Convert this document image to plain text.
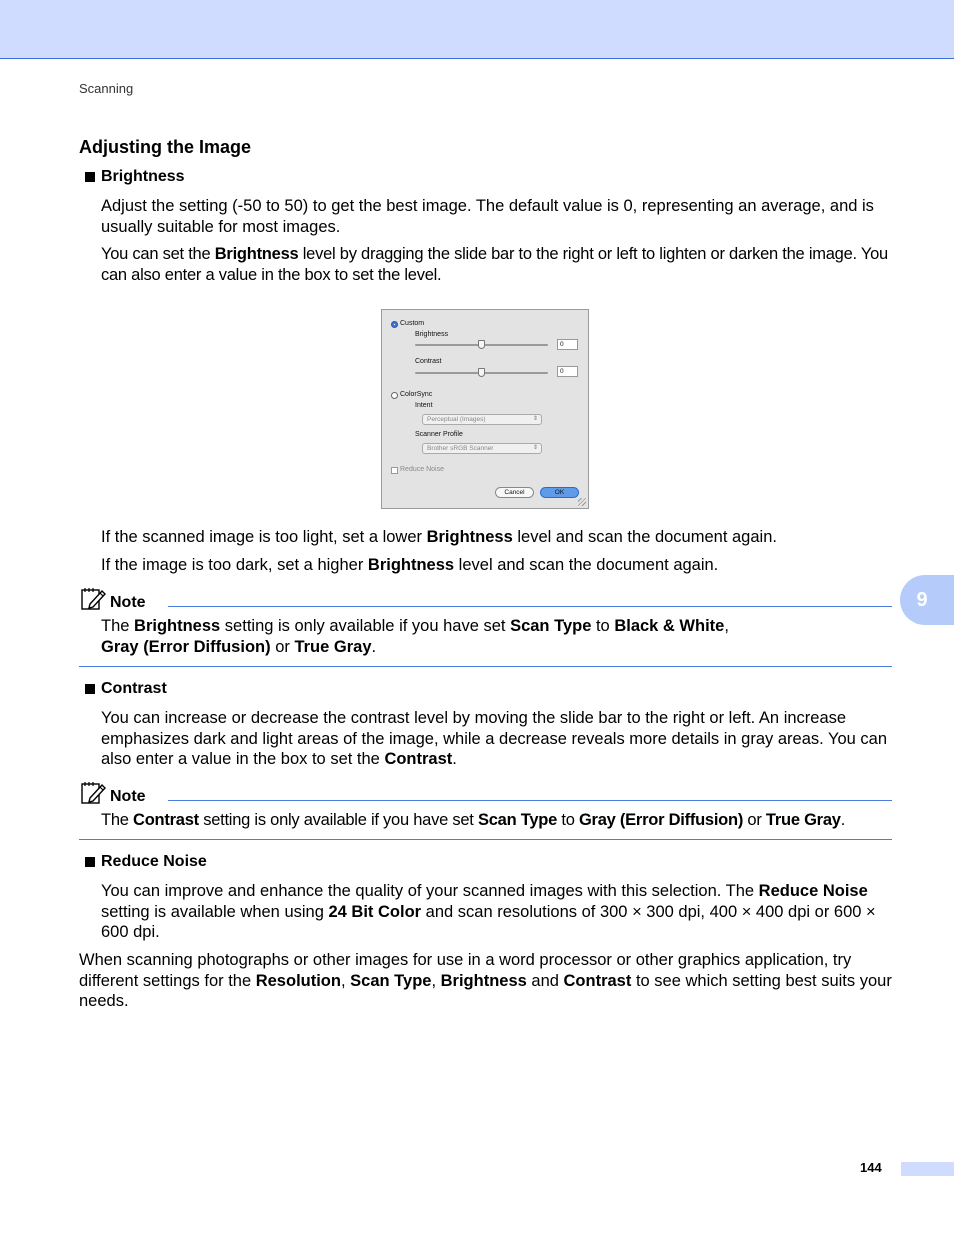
Scanning
Adjusting the Image
Brightness

Adjust the setting (-50 to 50) to get the best image. The default value is 0, representing an average, and is usually suitable for most images.

You can set the Brightness level by dragging the slide bar to the right or left to lighten or darken the image. You can also enter a value in the box to set the level.

Custom
Brightness
0
Contrast
0
ColorSync
Intent
Perceptual (Images)	⇕
Scanner Profile
Brother sRGB Scanner	⇕
Reduce Noise
Cancel	OK

If the scanned image is too light, set a lower Brightness level and scan the document again.

If the image is too dark, set a higher Brightness level and scan the document again.

Note

The Brightness setting is only available if you have set Scan Type to Black & White,
Gray (Error Diffusion) or True Gray.

Contrast

You can increase or decrease the contrast level by moving the slide bar to the right or left. An increase emphasizes dark and light areas of the image, while a decrease reveals more details in gray areas. You can also enter a value in the box to set the Contrast.

Note

The Contrast setting is only available if you have set Scan Type to Gray (Error Diffusion) or True Gray.

Reduce Noise

You can improve and enhance the quality of your scanned images with this selection. The Reduce Noise setting is available when using 24 Bit Color and scan resolutions of 300 × 300 dpi, 400 × 400 dpi or 600 × 600 dpi.

When scanning photographs or other images for use in a word processor or other graphics application, try different settings for the Resolution, Scan Type, Brightness and Contrast to see which setting best suits your needs.

9
144
